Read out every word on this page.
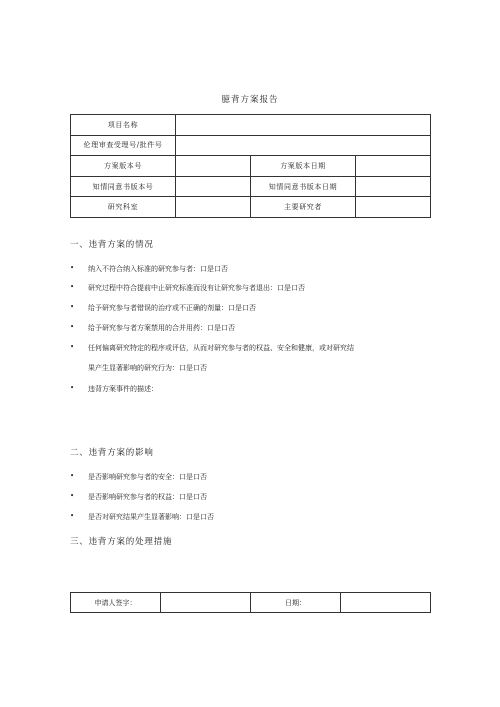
臆背方案报告
项目名称			
伦理审查受理号/批件号			
方案版本号		方案版本日期	
知情同意书版本号		知情同意书版本日期	
研究科室		主要研究者	
一、违背方案的情况
• 纳入不符合纳入标准的研究参与者：口是口否
• 研究过程中符合提前中止研究标准而没有让研究参与者退出：口是口否
• 给予研究参与者错误的治疗或不正确的剂量：口是口否
• 给予研究参与者方案禁用的合并用药：口是口否
• 任何偏离研究特定的程序或评估，从而对研究参与者的权益、安全和健康，或对研究结
果产生显著影响的研究行为：口是口否
• 违背方案事件的描述：
二、违背方案的影响
• 是否影响研究参与者的安全：口是口否
• 是否影响研究参与者的权益：口是口否
• 是否对研究结果产生显著影响：口是口否
三、违背方案的处理措施
申请人签字：		日期：	
